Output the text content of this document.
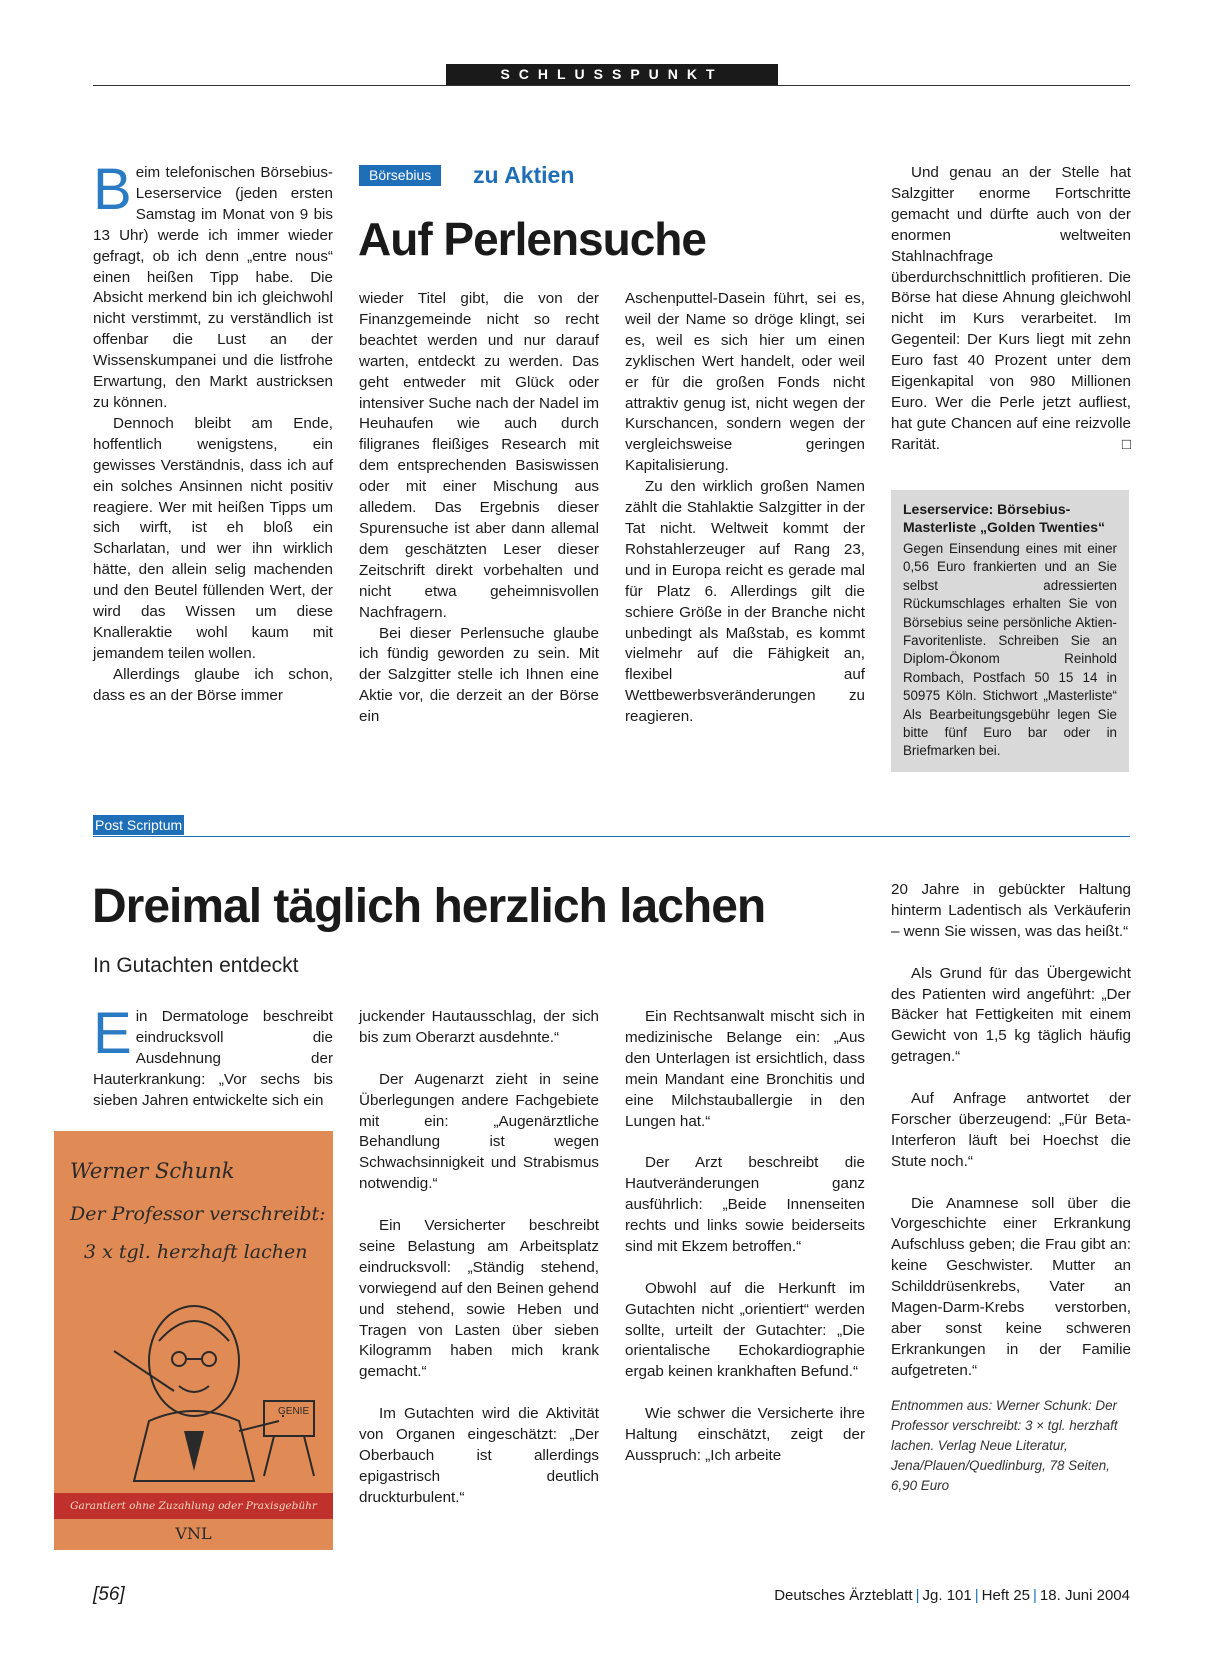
SCHLUSSPUNKT
B eim telefonischen Börsebius-Leserservice (jeden ersten Samstag im Monat von 9 bis 13 Uhr) werde ich immer wieder gefragt, ob ich denn „entre nous“ einen heißen Tipp habe. Die Absicht merkend bin ich gleichwohl nicht verstimmt, zu verständlich ist offenbar die Lust an der Wissenskumpanei und die listfrohe Erwartung, den Markt austricksen zu können.

Dennoch bleibt am Ende, hoffentlich wenigstens, ein gewisses Verständnis, dass ich auf ein solches Ansinnen nicht positiv reagiere. Wer mit heißen Tipps um sich wirft, ist eh bloß ein Scharlatan, und wer ihn wirklich hätte, den allein selig machenden und den Beutel füllenden Wert, der wird das Wissen um diese Knalleraktie wohl kaum mit jemandem teilen wollen.

Allerdings glaube ich schon, dass es an der Börse immer

Börsebius	zu Aktien
Auf Perlensuche

wieder Titel gibt, die von der Finanzgemeinde nicht so recht beachtet werden und nur darauf warten, entdeckt zu werden. Das geht entweder mit Glück oder intensiver Suche nach der Nadel im Heuhaufen wie auch durch filigranes fleißiges Research mit dem entsprechenden Basiswissen oder mit einer Mischung aus alledem. Das Ergebnis dieser Spurensuche ist aber dann allemal dem geschätzten Leser dieser Zeitschrift direkt vorbehalten und nicht etwa geheimnisvollen Nachfragern.

Bei dieser Perlensuche glaube ich fündig geworden zu sein. Mit der Salzgitter stelle ich Ihnen eine Aktie vor, die derzeit an der Börse ein

Aschenputtel-Dasein führt, sei es, weil der Name so dröge klingt, sei es, weil es sich hier um einen zyklischen Wert handelt, oder weil er für die großen Fonds nicht attraktiv genug ist, nicht wegen der Kurschancen, sondern wegen der vergleichsweise geringen Kapitalisierung.

Zu den wirklich großen Namen zählt die Stahlaktie Salzgitter in der Tat nicht. Weltweit kommt der Rohstahlerzeuger auf Rang 23, und in Europa reicht es gerade mal für Platz 6. Allerdings gilt die schiere Größe in der Branche nicht unbedingt als Maßstab, es kommt vielmehr auf die Fähigkeit an, flexibel auf Wettbewerbsveränderungen zu reagieren.

Und genau an der Stelle hat Salzgitter enorme Fortschritte gemacht und dürfte auch von der enormen weltweiten Stahlnachfrage überdurchschnittlich profitieren. Die Börse hat diese Ahnung gleichwohl nicht im Kurs verarbeitet. Im Gegenteil: Der Kurs liegt mit zehn Euro fast 40 Prozent unter dem Eigenkapital von 980 Millionen Euro. Wer die Perle jetzt aufliest, hat gute Chancen auf eine reizvolle Rarität.	□

Leserservice: Börsebius-Masterliste „Golden Twenties“
Gegen Einsendung eines mit einer 0,56 Euro frankierten und an Sie selbst adressierten Rückumschlages erhalten Sie von Börsebius seine persönliche Aktien-Favoritenliste. Schreiben Sie an Diplom-Ökonom Reinhold Rombach, Postfach 50 15 14 in 50975 Köln. Stichwort „Masterliste“ Als Bearbeitungsgebühr legen Sie bitte fünf Euro bar oder in Briefmarken bei.
Post Scriptum
Dreimal täglich herzlich lachen
In Gutachten entdeckt
E in Dermatologe beschreibt eindrucksvoll die Ausdehnung der Hauterkrankung: „Vor sechs bis sieben Jahren entwickelte sich ein

Werner Schunk
Der Professor verschreibt:
3 x tgl. herzhaft lachen
GENIE
Garantiert ohne Zuzahlung oder Praxisgebühr
VNL

juckender Hautausschlag, der sich bis zum Oberarzt ausdehnte.“

Der Augenarzt zieht in seine Überlegungen andere Fachgebiete mit ein: „Augenärztliche Behandlung ist wegen Schwachsinnigkeit und Strabismus notwendig.“

Ein Versicherter beschreibt seine Belastung am Arbeitsplatz eindrucksvoll: „Ständig stehend, vorwiegend auf den Beinen gehend und stehend, sowie Heben und Tragen von Lasten über sieben Kilogramm haben mich krank gemacht.“

Im Gutachten wird die Aktivität von Organen eingeschätzt: „Der Oberbauch ist allerdings epigastrisch deutlich druckturbulent.“

Ein Rechtsanwalt mischt sich in medizinische Belange ein: „Aus den Unterlagen ist ersichtlich, dass mein Mandant eine Bronchitis und eine Milchstauballergie in den Lungen hat.“

Der Arzt beschreibt die Hautveränderungen ganz ausführlich: „Beide Innenseiten rechts und links sowie beiderseits sind mit Ekzem betroffen.“

Obwohl auf die Herkunft im Gutachten nicht „orientiert“ werden sollte, urteilt der Gutachter: „Die orientalische Echokardiographie ergab keinen krankhaften Befund.“

Wie schwer die Versicherte ihre Haltung einschätzt, zeigt der Ausspruch: „Ich arbeite

20 Jahre in gebückter Haltung hinterm Ladentisch als Verkäuferin – wenn Sie wissen, was das heißt.“

Als Grund für das Übergewicht des Patienten wird angeführt: „Der Bäcker hat Fettigkeiten mit einem Gewicht von 1,5 kg täglich häufig getragen.“

Auf Anfrage antwortet der Forscher überzeugend: „Für Beta-Interferon läuft bei Hoechst die Stute noch.“

Die Anamnese soll über die Vorgeschichte einer Erkrankung Aufschluss geben; die Frau gibt an: keine Geschwister. Mutter an Schilddrüsenkrebs, Vater an Magen-Darm-Krebs verstorben, aber sonst keine schweren Erkrankungen in der Familie aufgetreten.“

Entnommen aus: Werner Schunk: Der Professor verschreibt: 3 × tgl. herzhaft lachen. Verlag Neue Literatur, Jena/Plauen/Quedlinburg, 78 Seiten, 6,90 Euro

[56]	Deutsches Ärzteblatt | Jg. 101 | Heft 25 | 18. Juni 2004
